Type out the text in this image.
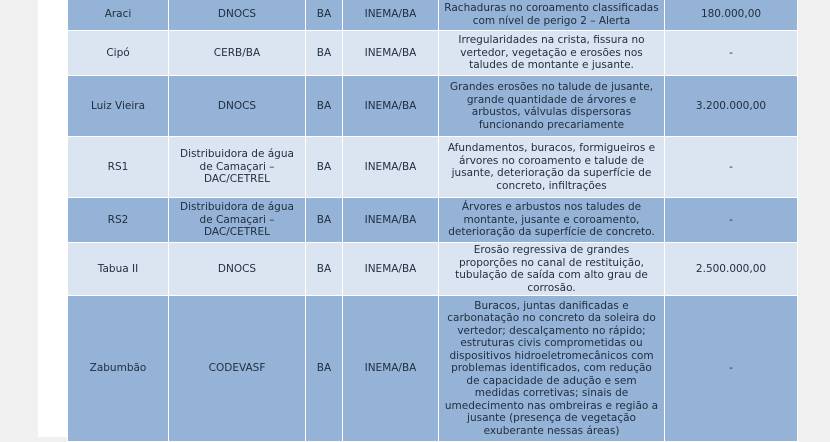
Araci	DNOCS	BA	INEMA/BA	Rachaduras no coroamento classificadas com nível de perigo 2 – Alerta	180.000,00
Cipó	CERB/BA	BA	INEMA/BA	Irregularidades na crista, fissura no vertedor, vegetação e erosões nos taludes de montante e jusante.	-
Luiz Vieira	DNOCS	BA	INEMA/BA	Grandes erosões no talude de jusante, grande quantidade de árvores e arbustos, válvulas dispersoras funcionando precariamente	3.200.000,00
RS1	Distribuidora de água de Camaçari – DAC/CETREL	BA	INEMA/BA	Afundamentos, buracos, formigueiros e árvores no coroamento e talude de jusante, deterioração da superfície de concreto, infiltrações	-
RS2	Distribuidora de água de Camaçari – DAC/CETREL	BA	INEMA/BA	Árvores e arbustos nos taludes de montante, jusante e coroamento, deterioração da superfície de concreto.	-
Tabua II	DNOCS	BA	INEMA/BA	Erosão regressiva de grandes proporções no canal de restituição, tubulação de saída com alto grau de corrosão.	2.500.000,00
Zabumbão	CODEVASF	BA	INEMA/BA	Buracos, juntas danificadas e carbonatação no concreto da soleira do vertedor; descalçamento no rápido; estruturas civis comprometidas ou dispositivos hidroeletromecânicos com problemas identificados, com redução de capacidade de adução e sem medidas corretivas; sinais de umedecimento nas ombreiras e região a jusante (presença de vegetação exuberante nessas áreas)	-
